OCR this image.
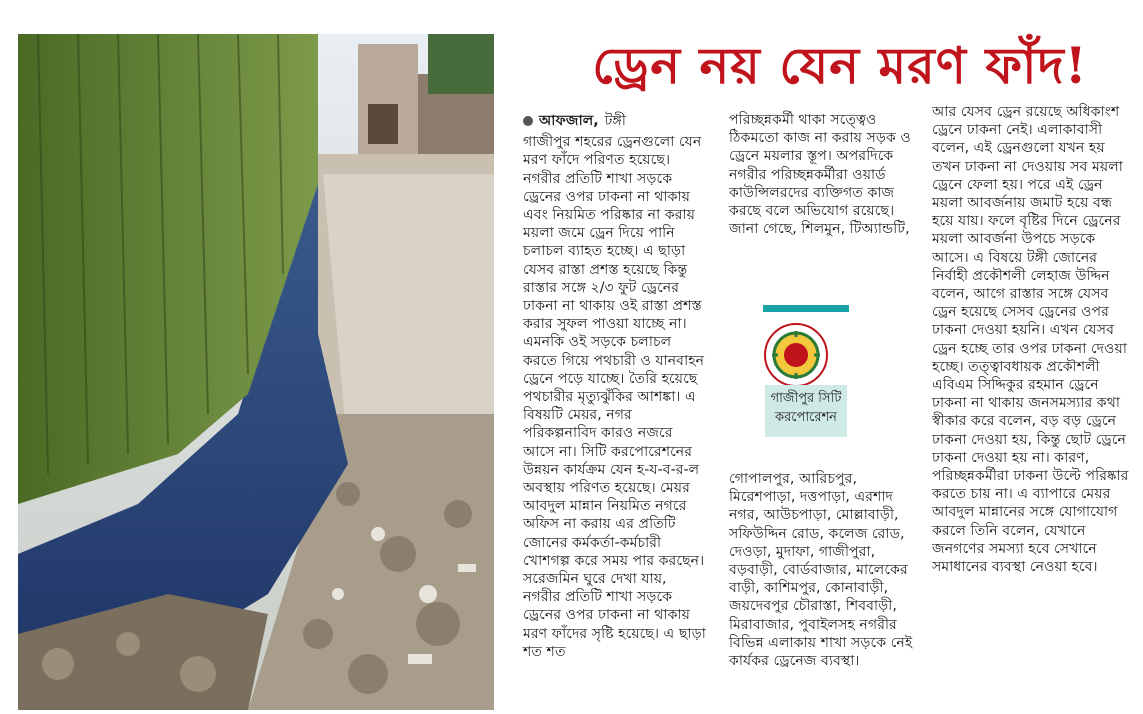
ড্রেন নয় যেন মরণ ফাঁদ!
আফজাল, টঙ্গী

গাজীপুর শহরের ড্রেনগুলো যেন মরণ ফাঁদে পরিণত হয়েছে। নগরীর প্রতিটি শাখা সড়কে ড্রেনের ওপর ঢাকনা না থাকায় এবং নিয়মিত পরিষ্কার না করায় ময়লা জমে ড্রেন দিয়ে পানি চলাচল ব্যাহত হচ্ছে। এ ছাড়া যেসব রাস্তা প্রশস্ত হয়েছে কিন্তু রাস্তার সঙ্গে ২/৩ ফুট ড্রেনের ঢাকনা না থাকায় ওই রাস্তা প্রশস্ত করার সুফল পাওয়া যাচ্ছে না। এমনকি ওই সড়কে চলাচল করতে গিয়ে পথচারী ও যানবাহন ড্রেনে পড়ে যাচ্ছে। তৈরি হয়েছে পথচারীর মৃত্যুঝুঁকির আশঙ্কা। এ বিষয়টি মেয়র, নগর পরিকল্পনাবিদ কারও নজরে আসে না। সিটি করপোরেশনের উন্নয়ন কার্যক্রম যেন হ-য-ব-র-ল অবস্থায় পরিণত হয়েছে। মেয়র আবদুল মান্নান নিয়মিত নগরে অফিস না করায় এর প্রতিটি জোনের কর্মকর্তা-কর্মচারী খোশগল্প করে সময় পার করছেন। সরেজমিন ঘুরে দেখা যায়, নগরীর প্রতিটি শাখা সড়কে ড্রেনের ওপর ঢাকনা না থাকায় মরণ ফাঁদের সৃষ্টি হয়েছে। এ ছাড়া শত শত

পরিচ্ছন্নকর্মী থাকা সত্ত্বেও ঠিকমতো কাজ না করায় সড়ক ও ড্রেনে ময়লার স্তূপ। অপরদিকে নগরীর পরিচ্ছন্নকর্মীরা ওয়ার্ড কাউন্সিলরদের ব্যক্তিগত কাজ করছে বলে অভিযোগ রয়েছে। জানা গেছে, শিলমুন, টিঅ্যান্ডটি,

গাজীপুর সিটি করপোরেশন

গোপালপুর, আরিচপুর, মিরেশপাড়া, দত্তপাড়া, এরশাদ নগর, আউচপাড়া, মোল্লাবাড়ী, সফিউদ্দিন রোড, কলেজ রোড, দেওড়া, মুদাফা, গাজীপুরা, বড়বাড়ী, বোর্ডবাজার, মালেকের বাড়ী, কাশিমপুর, কোনাবাড়ী, জয়দেবপুর চৌরাস্তা, শিববাড়ী, মিরাবাজার, পুবাইলসহ নগরীর বিভিন্ন এলাকায় শাখা সড়কে নেই কার্যকর ড্রেনেজ ব্যবস্থা।

আর যেসব ড্রেন রয়েছে অধিকাংশ ড্রেনে ঢাকনা নেই। এলাকাবাসী বলেন, এই ড্রেনগুলো যখন হয় তখন ঢাকনা না দেওয়ায় সব ময়লা ড্রেনে ফেলা হয়। পরে এই ড্রেন ময়লা আবর্জনায় জমাট হয়ে বন্ধ হয়ে যায়। ফলে বৃষ্টির দিনে ড্রেনের ময়লা আবর্জনা উপচে সড়কে আসে। এ বিষয়ে টঙ্গী জোনের নির্বাহী প্রকৌশলী লেহাজ উদ্দিন বলেন, আগে রাস্তার সঙ্গে যেসব ড্রেন হয়েছে সেসব ড্রেনের ওপর ঢাকনা দেওয়া হয়নি। এখন যেসব ড্রেন হচ্ছে তার ওপর ঢাকনা দেওয়া হচ্ছে। তত্ত্বাবধায়ক প্রকৌশলী এবিএম সিদ্দিকুর রহমান ড্রেনে ঢাকনা না থাকায় জনসমস্যার কথা স্বীকার করে বলেন, বড় বড় ড্রেনে ঢাকনা দেওয়া হয়, কিন্তু ছোট ড্রেনে ঢাকনা দেওয়া হয় না। কারণ, পরিচ্ছন্নকর্মীরা ঢাকনা উল্টে পরিষ্কার করতে চায় না। এ ব্যাপারে মেয়র আবদুল মান্নানের সঙ্গে যোগাযোগ করলে তিনি বলেন, যেখানে জনগণের সমস্যা হবে সেখানে সমাধানের ব্যবস্থা নেওয়া হবে।
